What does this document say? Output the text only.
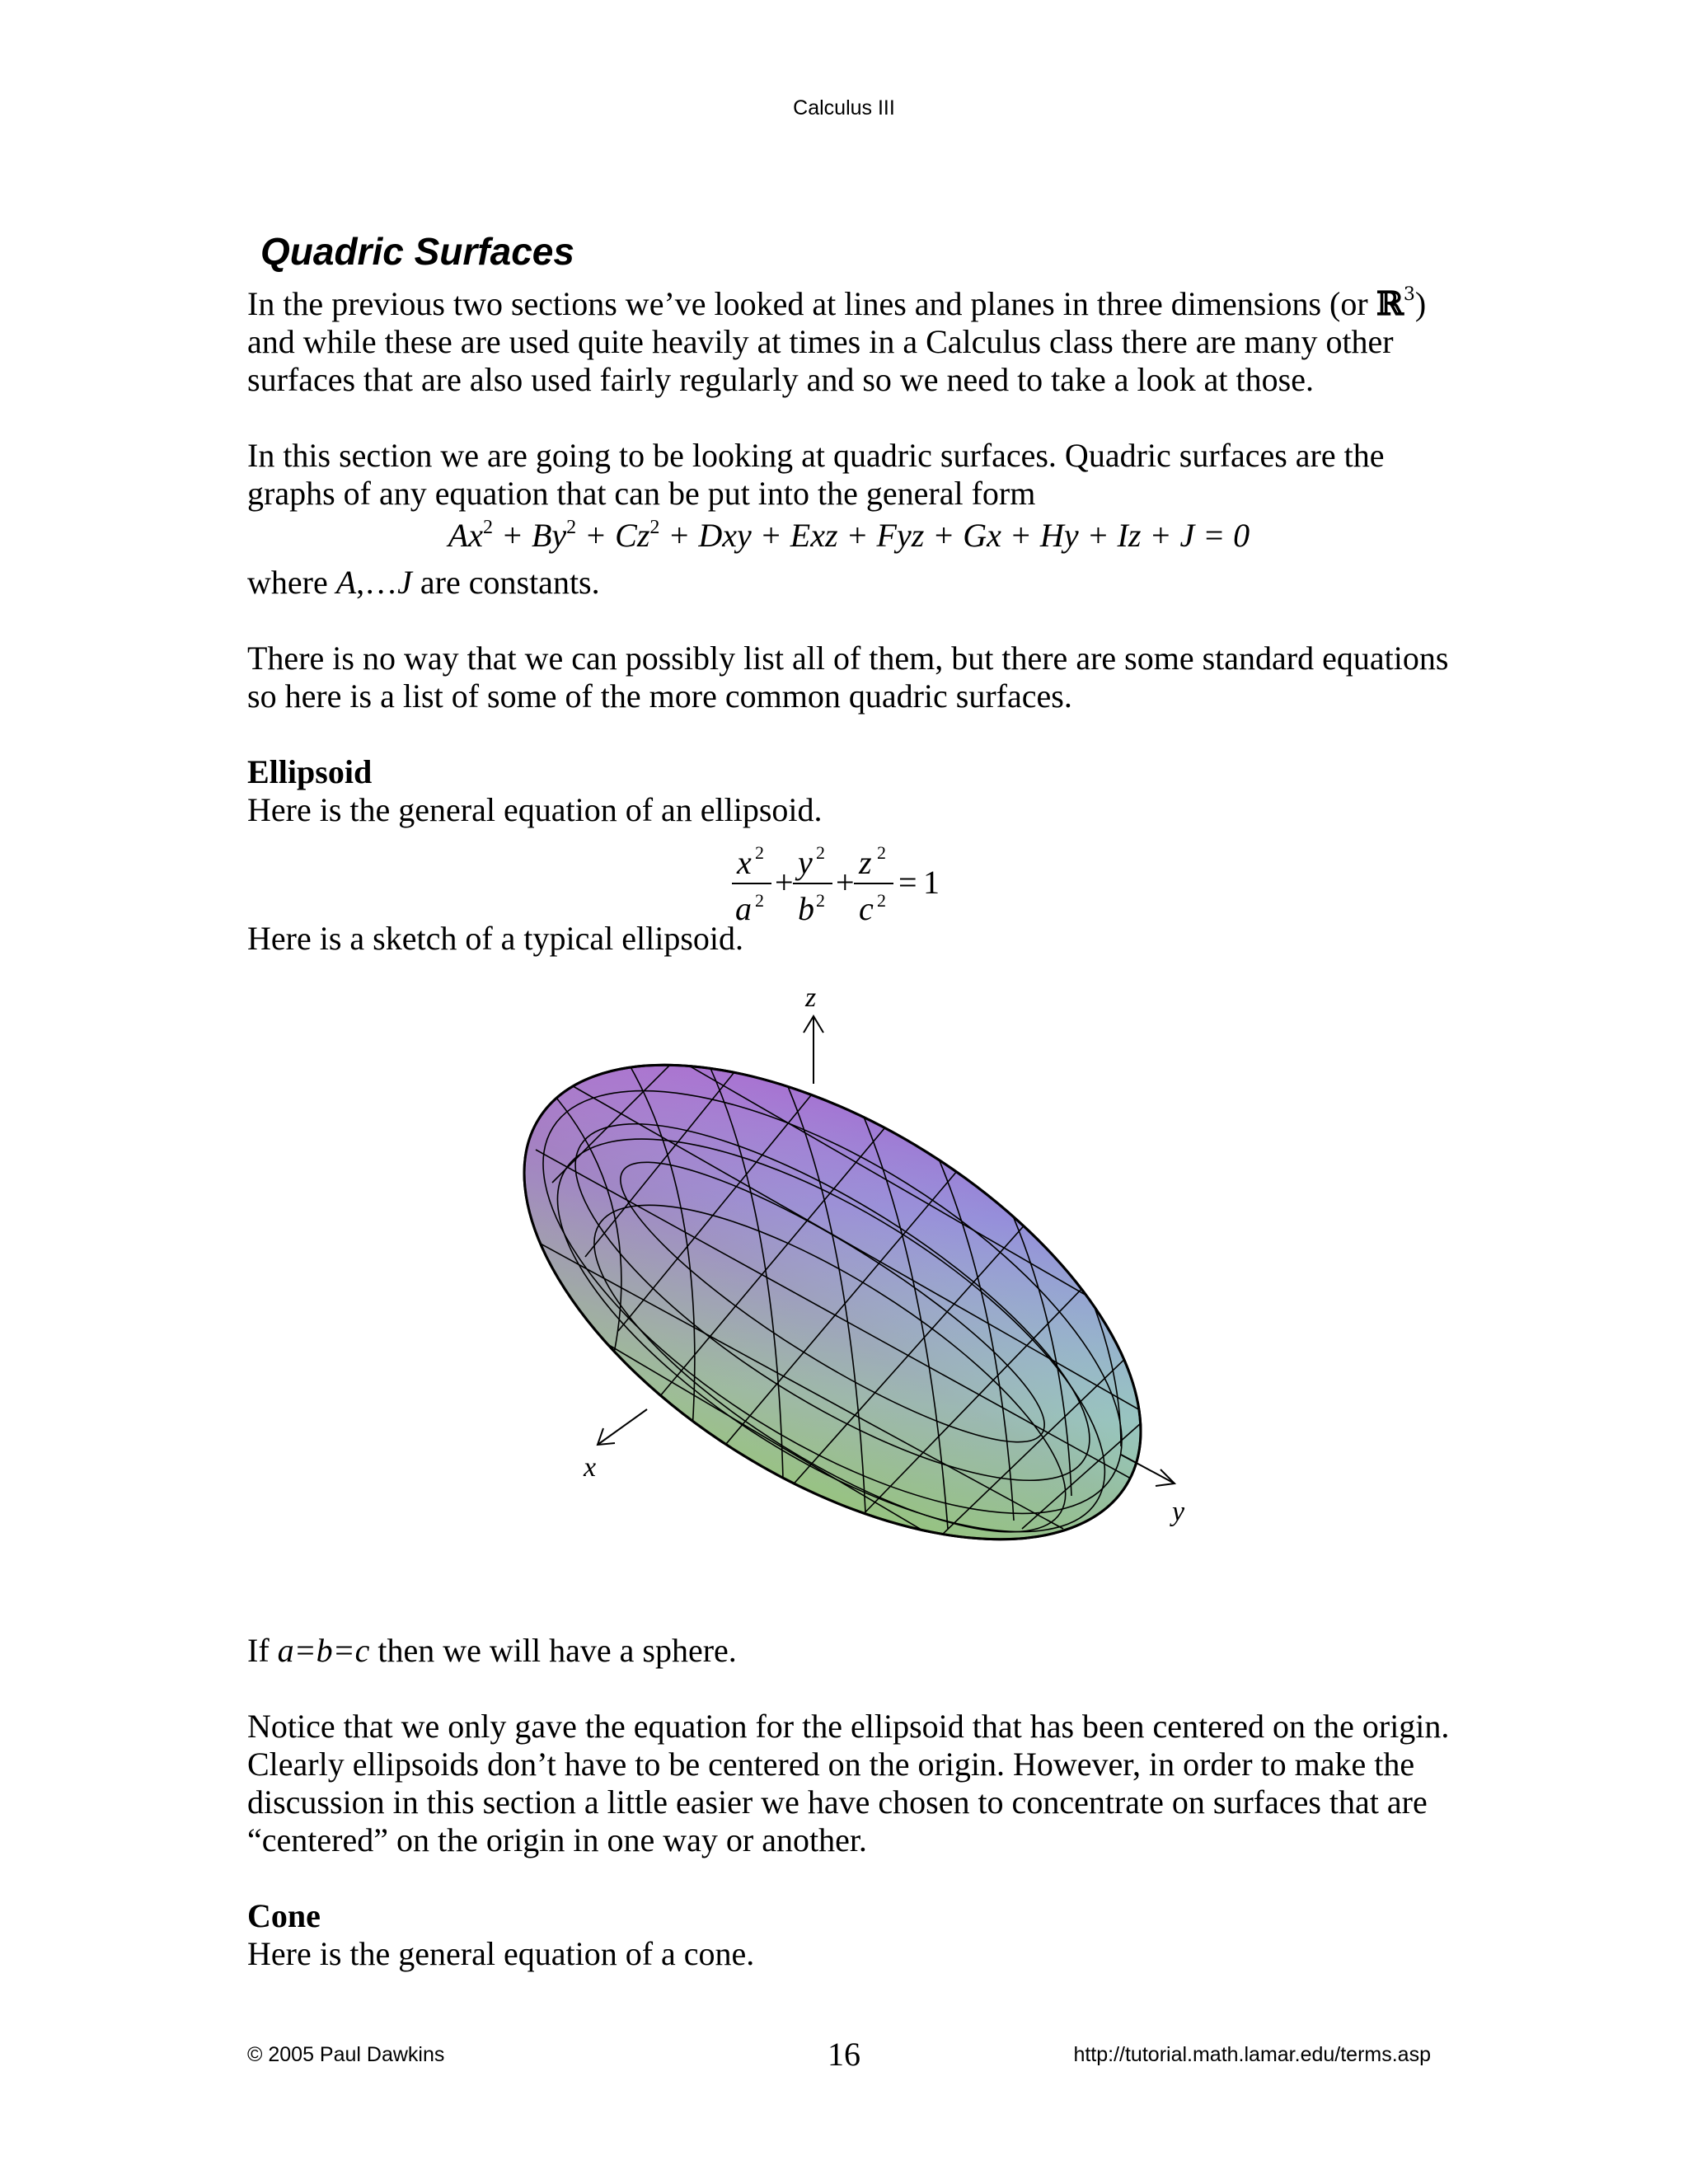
Calculus III
Quadric Surfaces

In the previous two sections we’ve looked at lines and planes in three dimensions (or ℝ$^3$)

and while these are used quite heavily at times in a Calculus class there are many other surfaces that are also used fairly regularly and so we need to take a look at those.

In this section we are going to be looking at quadric surfaces. Quadric surfaces are the graphs of any equation that can be put into the general form
$Ax^2 + By^2 + Cz^2$ + Dxy + Exz + Fyz + Gx + Hy + Iz + J = 0
where A,…J are constants.
There is no way that we can possibly list all of them, but there are some standard equations so here is a list of some of the more common quadric surfaces.
Ellipsoid
Here is the general equation of an ellipsoid.
x 2
a 2 +
y 2
b 2 +
z 2
c 2 = 1
Here is a sketch of a typical ellipsoid.
z
x
y
If a=b=c then we will have a sphere.
Notice that we only gave the equation for the ellipsoid that has been centered on the origin. Clearly ellipsoids don’t have to be centered on the origin. However, in order to make the discussion in this section a little easier we have chosen to concentrate on surfaces that are “centered” on the origin in one way or another.
Cone
Here is the general equation of a cone.
© 2005 Paul Dawkins	16	http://tutorial.math.lamar.edu/terms.asp
